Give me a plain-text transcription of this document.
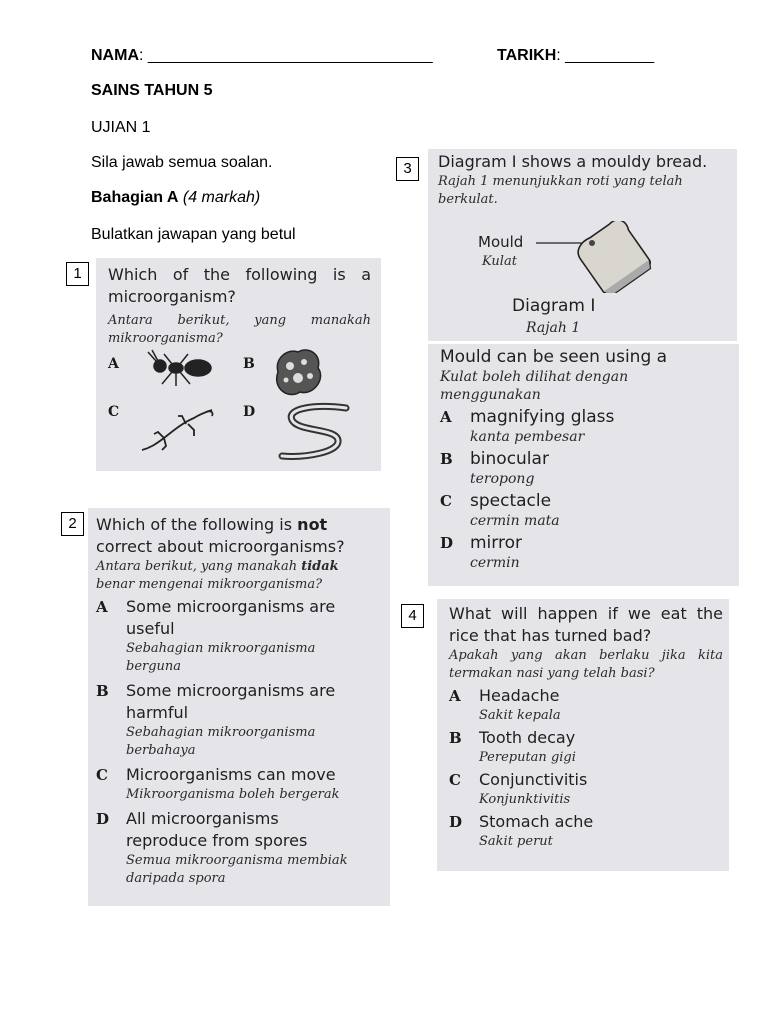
NAMA: ________________________________	TARIKH: __________
SAINS TAHUN 5
UJIAN 1
Sila jawab semua soalan.
Bahagian A (4 markah)
Bulatkan jawapan yang betul
1	Which of the following is a microorganism?
Antara berikut, yang manakah mikroorganisma?
A	B
C	D
2	Which of the following is not correct about microorganisms?
Antara berikut, yang manakah tidak benar mengenai mikroorganisma?
A Some microorganisms are useful
Sebahagian mikroorganisma berguna
B Some microorganisms are harmful
Sebahagian mikroorganisma berbahaya
C Microorganisms can move
Mikroorganisma boleh bergerak
D All microorganisms reproduce from spores
Semua mikroorganisma membiak daripada spora
3	Diagram I shows a mouldy bread.
Rajah 1 menunjukkan roti yang telah berkulat.
Mould
Kulat
Diagram I
Rajah 1
Mould can be seen using a
Kulat boleh dilihat dengan menggunakan
A magnifying glass
kanta pembesar
B binocular
teropong
C spectacle
cermin mata
D mirror
cermin
4	What will happen if we eat the rice that has turned bad?
Apakah yang akan berlaku jika kita termakan nasi yang telah basi?
A Headache
Sakit kepala
B Tooth decay
Pereputan gigi
C Conjunctivitis
Konjunktivitis
D Stomach ache
Sakit perut
